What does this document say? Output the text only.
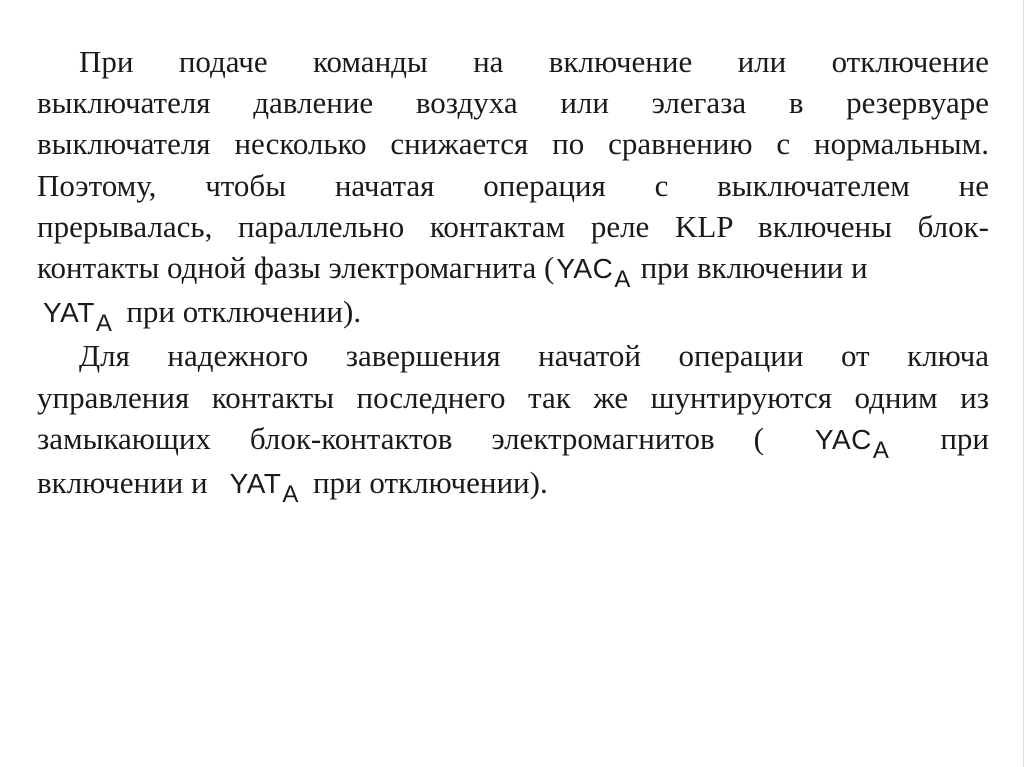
При подаче команды на включение или отключение
выключателя давление воздуха или элегаза в резервуаре
выключателя несколько снижается по сравнению с нормальным.
Поэтому, чтобы начатая операция с выключателем не
прерывалась, параллельно контактам реле KLP включены блок-
контакты одной фазы электромагнита (YACA при включении и
YATA при отключении).
Для надежного завершения начатой операции от ключа
управления контакты последнего так же шунтируются одним из
замыкающих блок-контактов электромагнитов ( YACA при
включении и YATA при отключении).
